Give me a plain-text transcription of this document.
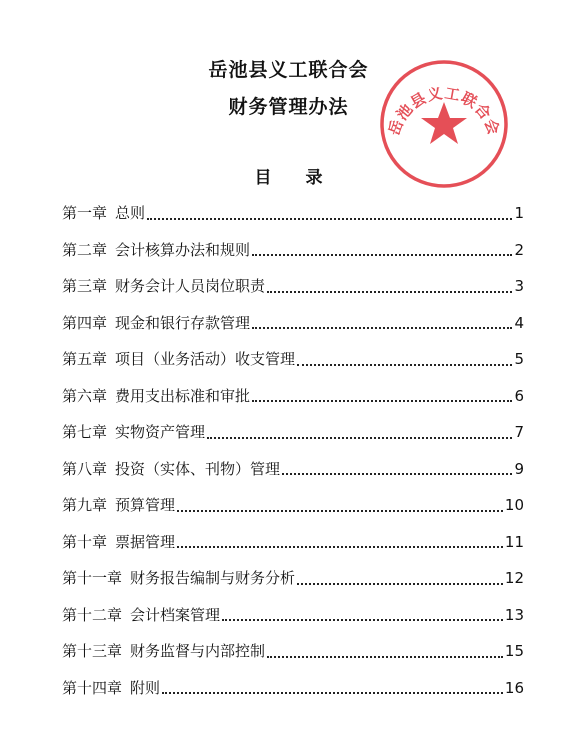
岳池县义工联合会
财务管理办法
岳池县义工联合会
目 录
第一章 总则	1
第二章 会计核算办法和规则	2
第三章 财务会计人员岗位职责	3
第四章 现金和银行存款管理	4
第五章 项目（业务活动）收支管理	5
第六章 费用支出标准和审批	6
第七章 实物资产管理	7
第八章 投资（实体、刊物）管理	9
第九章 预算管理	10
第十章 票据管理	11
第十一章 财务报告编制与财务分析	12
第十二章 会计档案管理	13
第十三章 财务监督与内部控制	15
第十四章 附则	16
